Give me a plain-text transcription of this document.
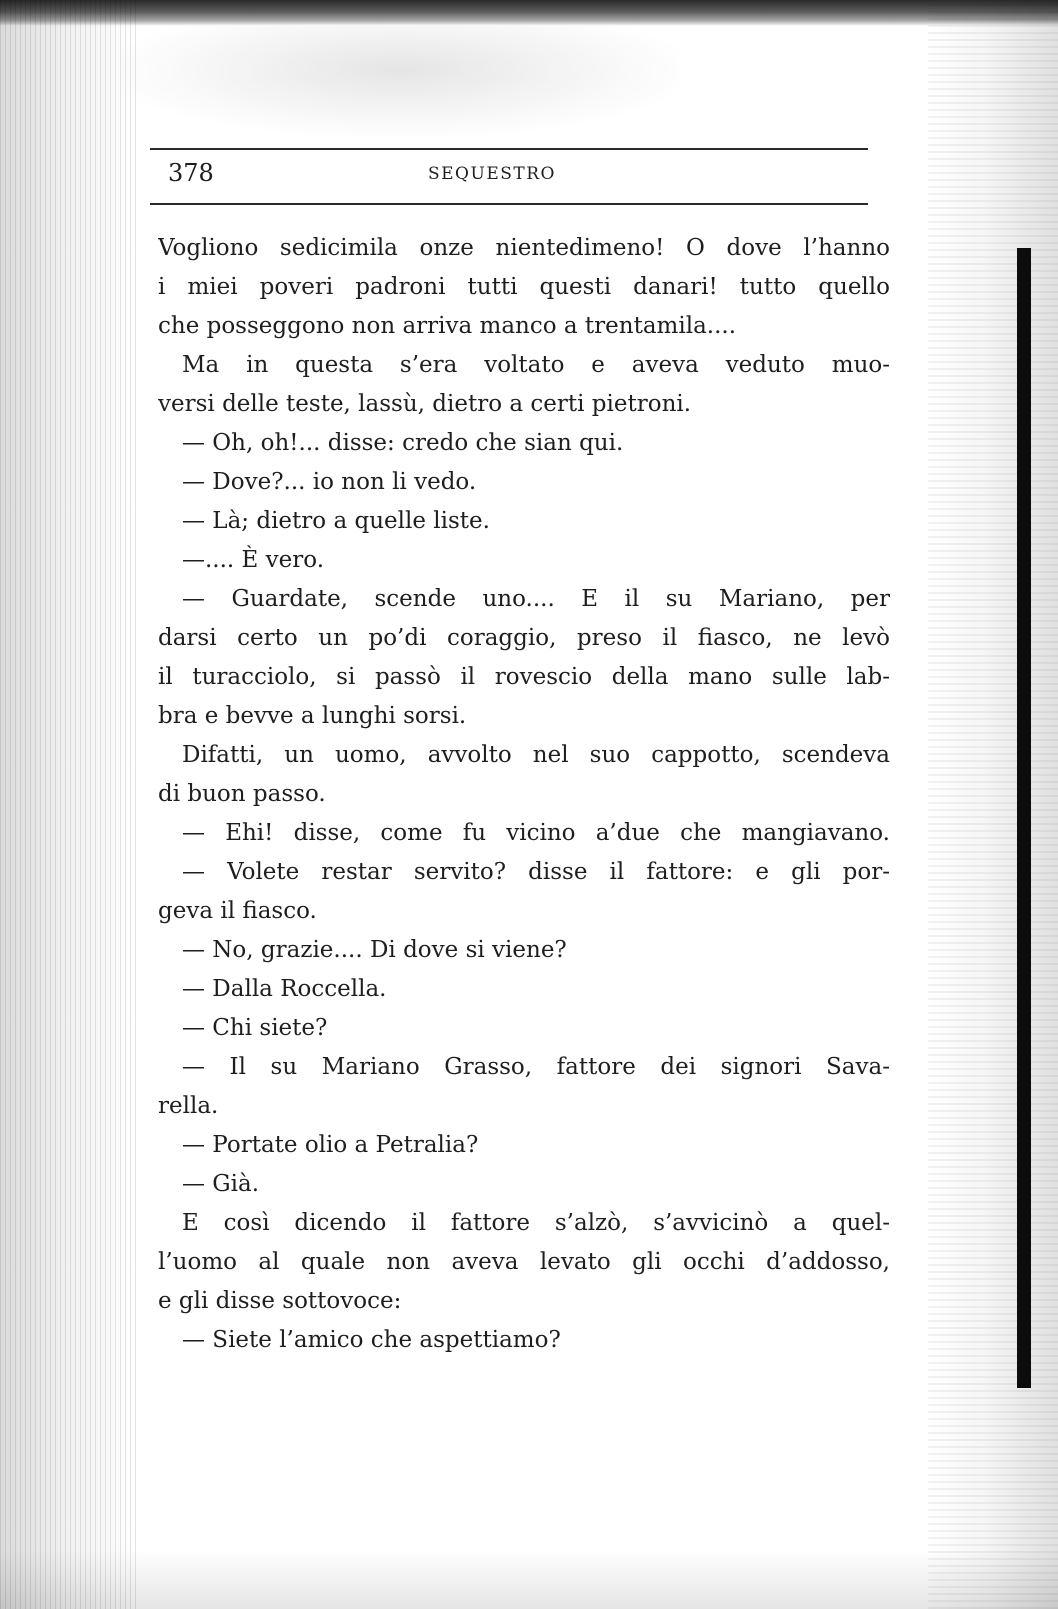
378	SEQUESTRO
Vogliono sedicimila onze nientedimeno! O dove l’hanno
i miei poveri padroni tutti questi danari! tutto quello
che posseggono non arriva manco a trentamila....
Ma in questa s’era voltato e aveva veduto muo-
versi delle teste, lassù, dietro a certi pietroni.
— Oh, oh!... disse: credo che sian qui.
— Dove?... io non li vedo.
— Là; dietro a quelle liste.
—.... È vero.
— Guardate, scende uno.... E il su Mariano, per
darsi certo un po’di coraggio, preso il fiasco, ne levò
il turacciolo, si passò il rovescio della mano sulle lab-
bra e bevve a lunghi sorsi.
Difatti, un uomo, avvolto nel suo cappotto, scendeva
di buon passo.
— Ehi! disse, come fu vicino a’due che mangiavano.
— Volete restar servito? disse il fattore: e gli por-
geva il fiasco.
— No, grazie.... Di dove si viene?
— Dalla Roccella.
— Chi siete?
— Il su Mariano Grasso, fattore dei signori Sava-
rella.
— Portate olio a Petralia?
— Già.
E così dicendo il fattore s’alzò, s’avvicinò a quel-
l’uomo al quale non aveva levato gli occhi d’addosso,
e gli disse sottovoce:
— Siete l’amico che aspettiamo?
